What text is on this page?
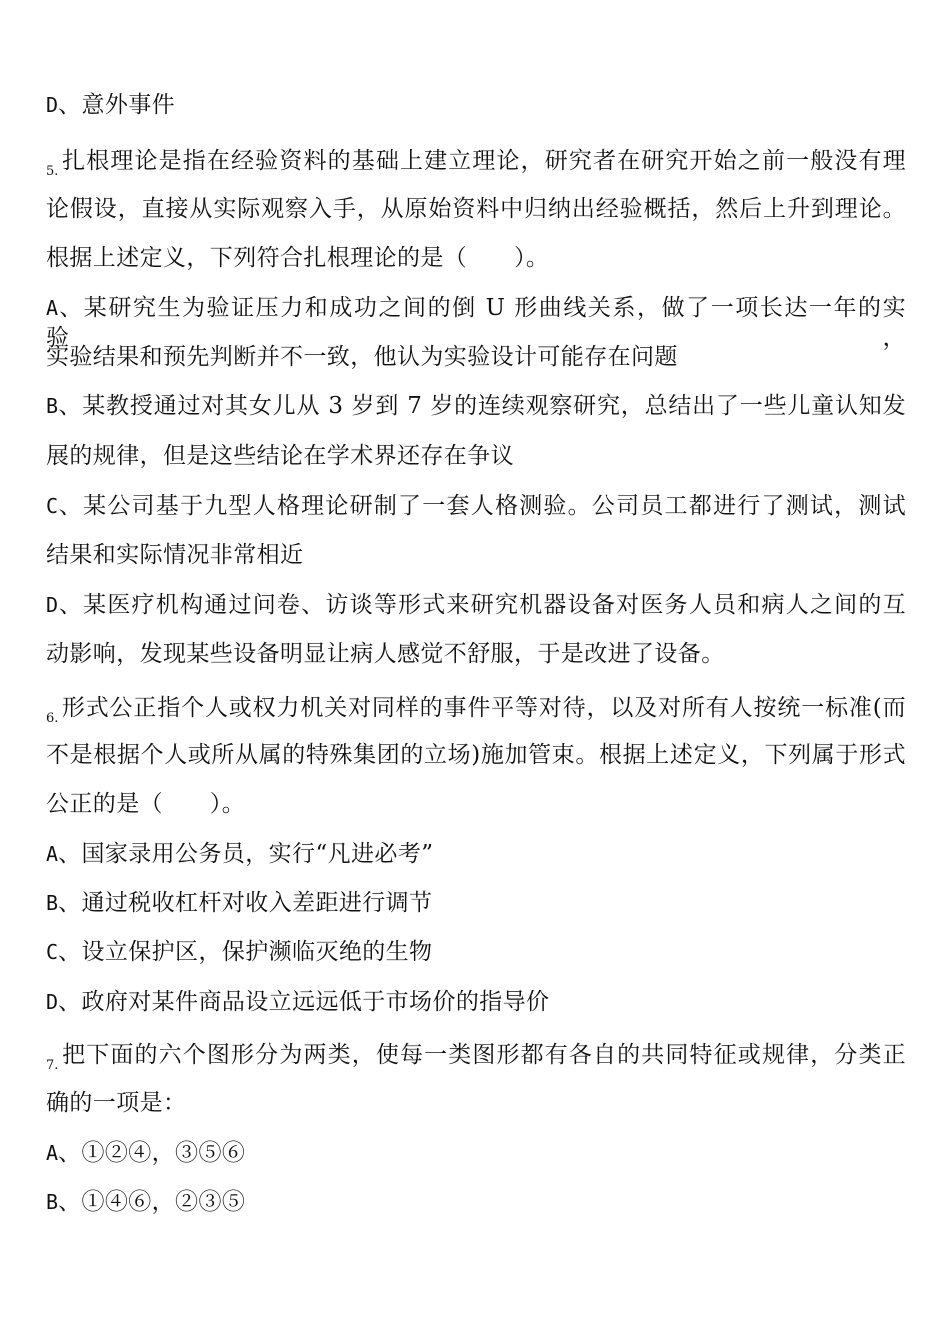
D、意外事件
5. 扎根理论是指在经验资料的基础上建立理论，研究者在研究开始之前一般没有理
论假设，直接从实际观察入手，从原始资料中归纳出经验概括，然后上升到理论。
根据上述定义，下列符合扎根理论的是（　　）。
A、某研究生为验证压力和成功之间的倒 U 形曲线关系，做了一项长达一年的实验，
实验结果和预先判断并不一致，他认为实验设计可能存在问题
B、某教授通过对其女儿从 3 岁到 7 岁的连续观察研究，总结出了一些儿童认知发
展的规律，但是这些结论在学术界还存在争议
C、某公司基于九型人格理论研制了一套人格测验。公司员工都进行了测试，测试
结果和实际情况非常相近
D、某医疗机构通过问卷、访谈等形式来研究机器设备对医务人员和病人之间的互
动影响，发现某些设备明显让病人感觉不舒服，于是改进了设备。
6. 形式公正指个人或权力机关对同样的事件平等对待，以及对所有人按统一标准(而
不是根据个人或所从属的特殊集团的立场)施加管束。根据上述定义，下列属于形式
公正的是（　　）。
A、国家录用公务员，实行“凡进必考”
B、通过税收杠杆对收入差距进行调节
C、设立保护区，保护濒临灭绝的生物
D、政府对某件商品设立远远低于市场价的指导价
7. 把下面的六个图形分为两类，使每一类图形都有各自的共同特征或规律，分类正
确的一项是：
A、①②④，③⑤⑥
B、①④⑥，②③⑤
